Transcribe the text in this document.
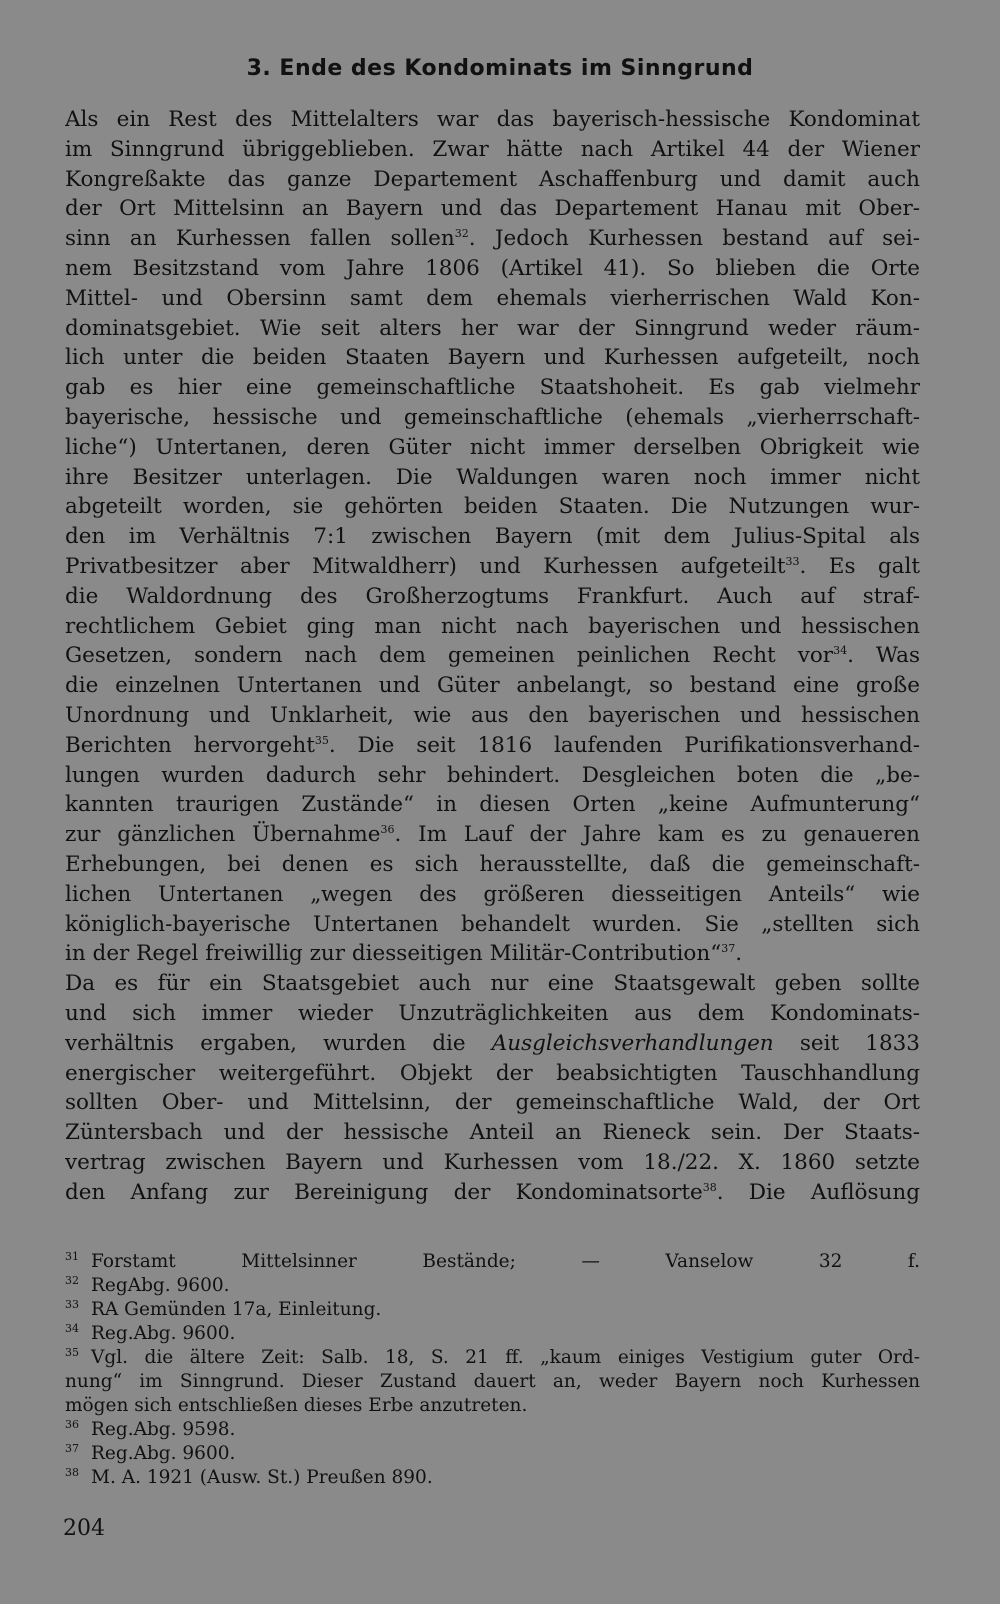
3. Ende des Kondominats im Sinngrund
Als ein Rest des Mittelalters war das bayerisch-hessische Kondominat
im Sinngrund übriggeblieben. Zwar hätte nach Artikel 44 der Wiener
Kongreßakte das ganze Departement Aschaffenburg und damit auch
der Ort Mittelsinn an Bayern und das Departement Hanau mit Ober-
sinn an Kurhessen fallen sollen$^{32}$. Jedoch Kurhessen bestand auf sei-
nem Besitzstand vom Jahre 1806 (Artikel 41). So blieben die Orte
Mittel- und Obersinn samt dem ehemals vierherrischen Wald Kon-
dominatsgebiet. Wie seit alters her war der Sinngrund weder räum-
lich unter die beiden Staaten Bayern und Kurhessen aufgeteilt, noch
gab es hier eine gemeinschaftliche Staatshoheit. Es gab vielmehr
bayerische, hessische und gemeinschaftliche (ehemals „vierherrschaft-
liche“) Untertanen, deren Güter nicht immer derselben Obrigkeit wie
ihre Besitzer unterlagen. Die Waldungen waren noch immer nicht
abgeteilt worden, sie gehörten beiden Staaten. Die Nutzungen wur-
den im Verhältnis 7:1 zwischen Bayern (mit dem Julius-Spital als
Privatbesitzer aber Mitwaldherr) und Kurhessen aufgeteilt$^{33}$. Es galt
die Waldordnung des Großherzogtums Frankfurt. Auch auf straf-
rechtlichem Gebiet ging man nicht nach bayerischen und hessischen
Gesetzen, sondern nach dem gemeinen peinlichen Recht vor$^{34}$. Was
die einzelnen Untertanen und Güter anbelangt, so bestand eine große
Unordnung und Unklarheit, wie aus den bayerischen und hessischen
Berichten hervorgeht$^{35}$. Die seit 1816 laufenden Purifikationsverhand-
lungen wurden dadurch sehr behindert. Desgleichen boten die „be-
kannten traurigen Zustände“ in diesen Orten „keine Aufmunterung“
zur gänzlichen Übernahme$^{36}$. Im Lauf der Jahre kam es zu genaueren
Erhebungen, bei denen es sich herausstellte, daß die gemeinschaft-
lichen Untertanen „wegen des größeren diesseitigen Anteils“ wie
königlich-bayerische Untertanen behandelt wurden. Sie „stellten sich
in der Regel freiwillig zur diesseitigen Militär-Contribution“$^{37}$.
Da es für ein Staatsgebiet auch nur eine Staatsgewalt geben sollte
und sich immer wieder Unzuträglichkeiten aus dem Kondominats-
verhältnis ergaben, wurden die Ausgleichsverhandlungen seit 1833
energischer weitergeführt. Objekt der beabsichtigten Tauschhandlung
sollten Ober- und Mittelsinn, der gemeinschaftliche Wald, der Ort
Züntersbach und der hessische Anteil an Rieneck sein. Der Staats-
vertrag zwischen Bayern und Kurhessen vom 18./22. X. 1860 setzte
den Anfang zur Bereinigung der Kondominatsorte$^{38}$. Die Auflösung
31 Forstamt Mittelsinner Bestände; — Vanselow 32 f.
32 RegAbg. 9600.
33 RA Gemünden 17a, Einleitung.
34 Reg.Abg. 9600.
35 Vgl. die ältere Zeit: Salb. 18, S. 21 ff. „kaum einiges Vestigium guter Ord-
nung“ im Sinngrund. Dieser Zustand dauert an, weder Bayern noch Kurhessen
mögen sich entschließen dieses Erbe anzutreten.
36 Reg.Abg. 9598.
37 Reg.Abg. 9600.
38 M. A. 1921 (Ausw. St.) Preußen 890.
204
